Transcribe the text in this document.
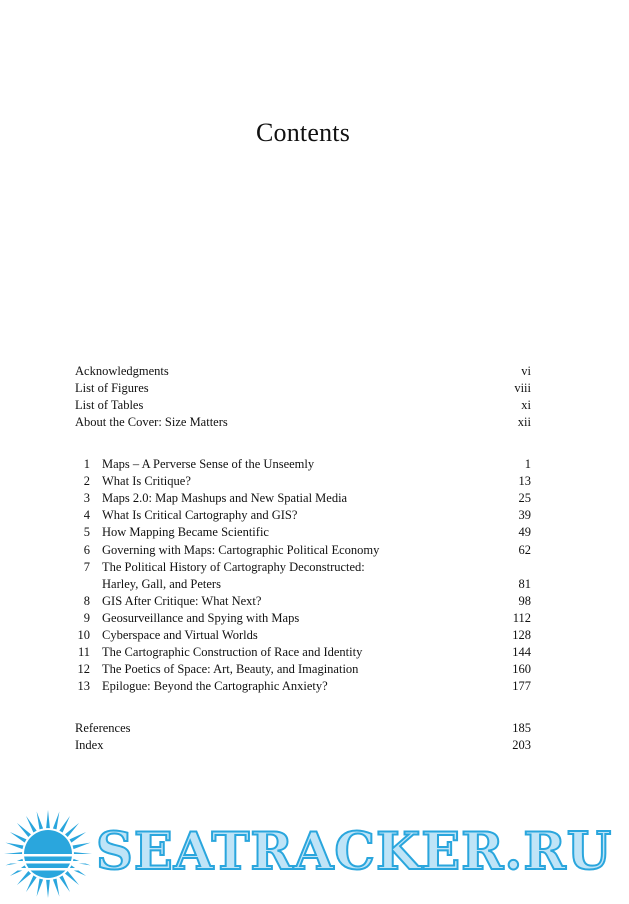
Contents
Acknowledgments	vi
List of Figures	viii
List of Tables	xi
About the Cover: Size Matters	xii
1 Maps – A Perverse Sense of the Unseemly	1
2 What Is Critique?	13
3 Maps 2.0: Map Mashups and New Spatial Media	25
4 What Is Critical Cartography and GIS?	39
5 How Mapping Became Scientific	49
6 Governing with Maps: Cartographic Political Economy	62
7 The Political History of Cartography Deconstructed:
Harley, Gall, and Peters	81
8 GIS After Critique: What Next?	98
9 Geosurveillance and Spying with Maps	112
10 Cyberspace and Virtual Worlds	128
11 The Cartographic Construction of Race and Identity	144
12 The Poetics of Space: Art, Beauty, and Imagination	160
13 Epilogue: Beyond the Cartographic Anxiety?	177
References	185
Index	203
SEATRACKER.RU
